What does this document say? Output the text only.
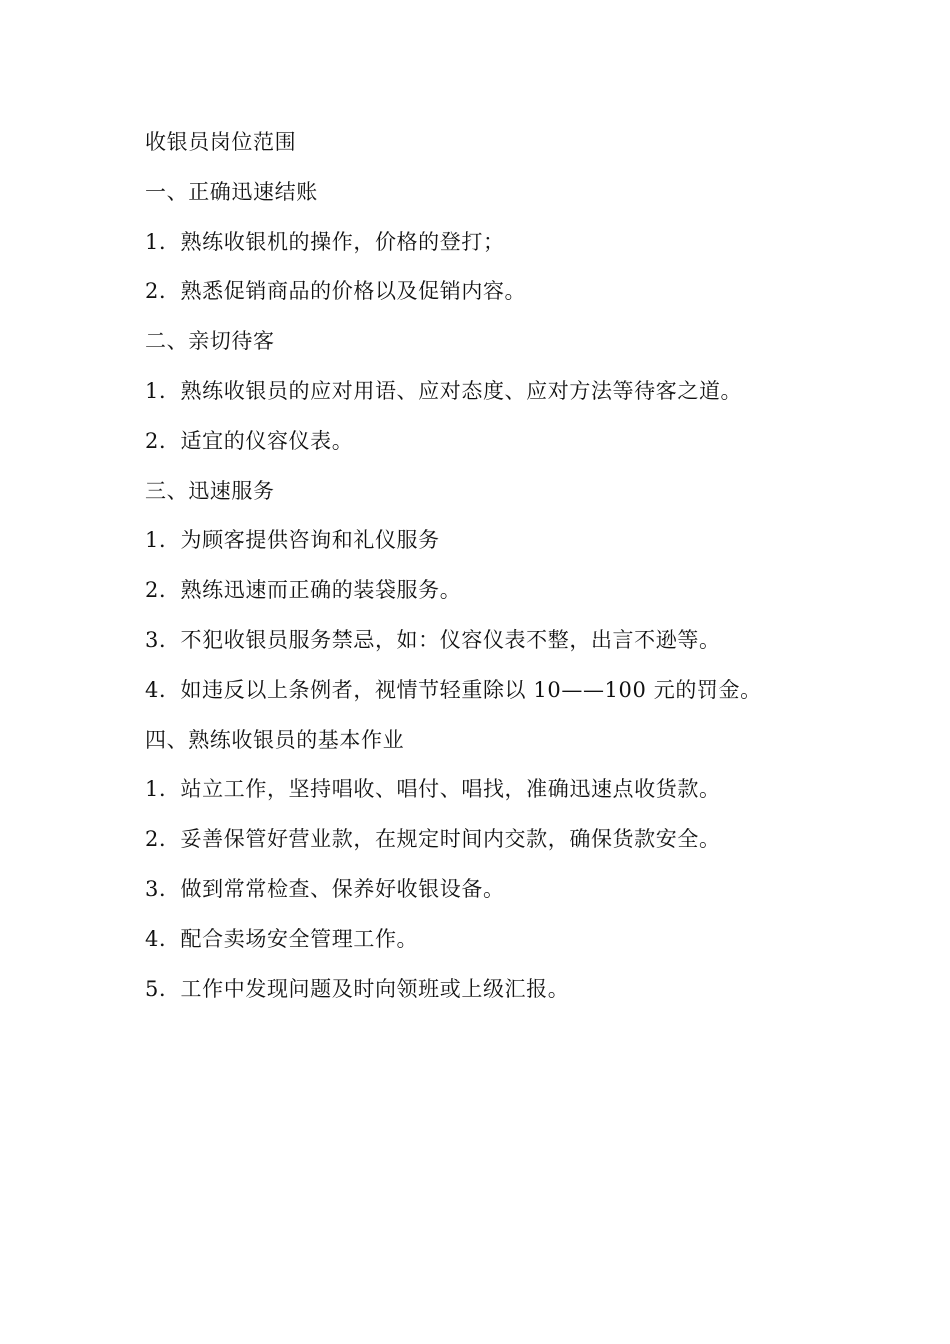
收银员岗位范围
一、正确迅速结账
1．熟练收银机的操作，价格的登打；
2．熟悉促销商品的价格以及促销内容。
二、亲切待客
1．熟练收银员的应对用语、应对态度、应对方法等待客之道。
2．适宜的仪容仪表。
三、迅速服务
1．为顾客提供咨询和礼仪服务
2．熟练迅速而正确的装袋服务。
3．不犯收银员服务禁忌，如：仪容仪表不整，出言不逊等。
4．如违反以上条例者，视情节轻重除以 10——100 元的罚金。
四、熟练收银员的基本作业
1．站立工作，坚持唱收、唱付、唱找，准确迅速点收货款。
2．妥善保管好营业款，在规定时间内交款，确保货款安全。
3．做到常常检查、保养好收银设备。
4．配合卖场安全管理工作。
5．工作中发现问题及时向领班或上级汇报。
